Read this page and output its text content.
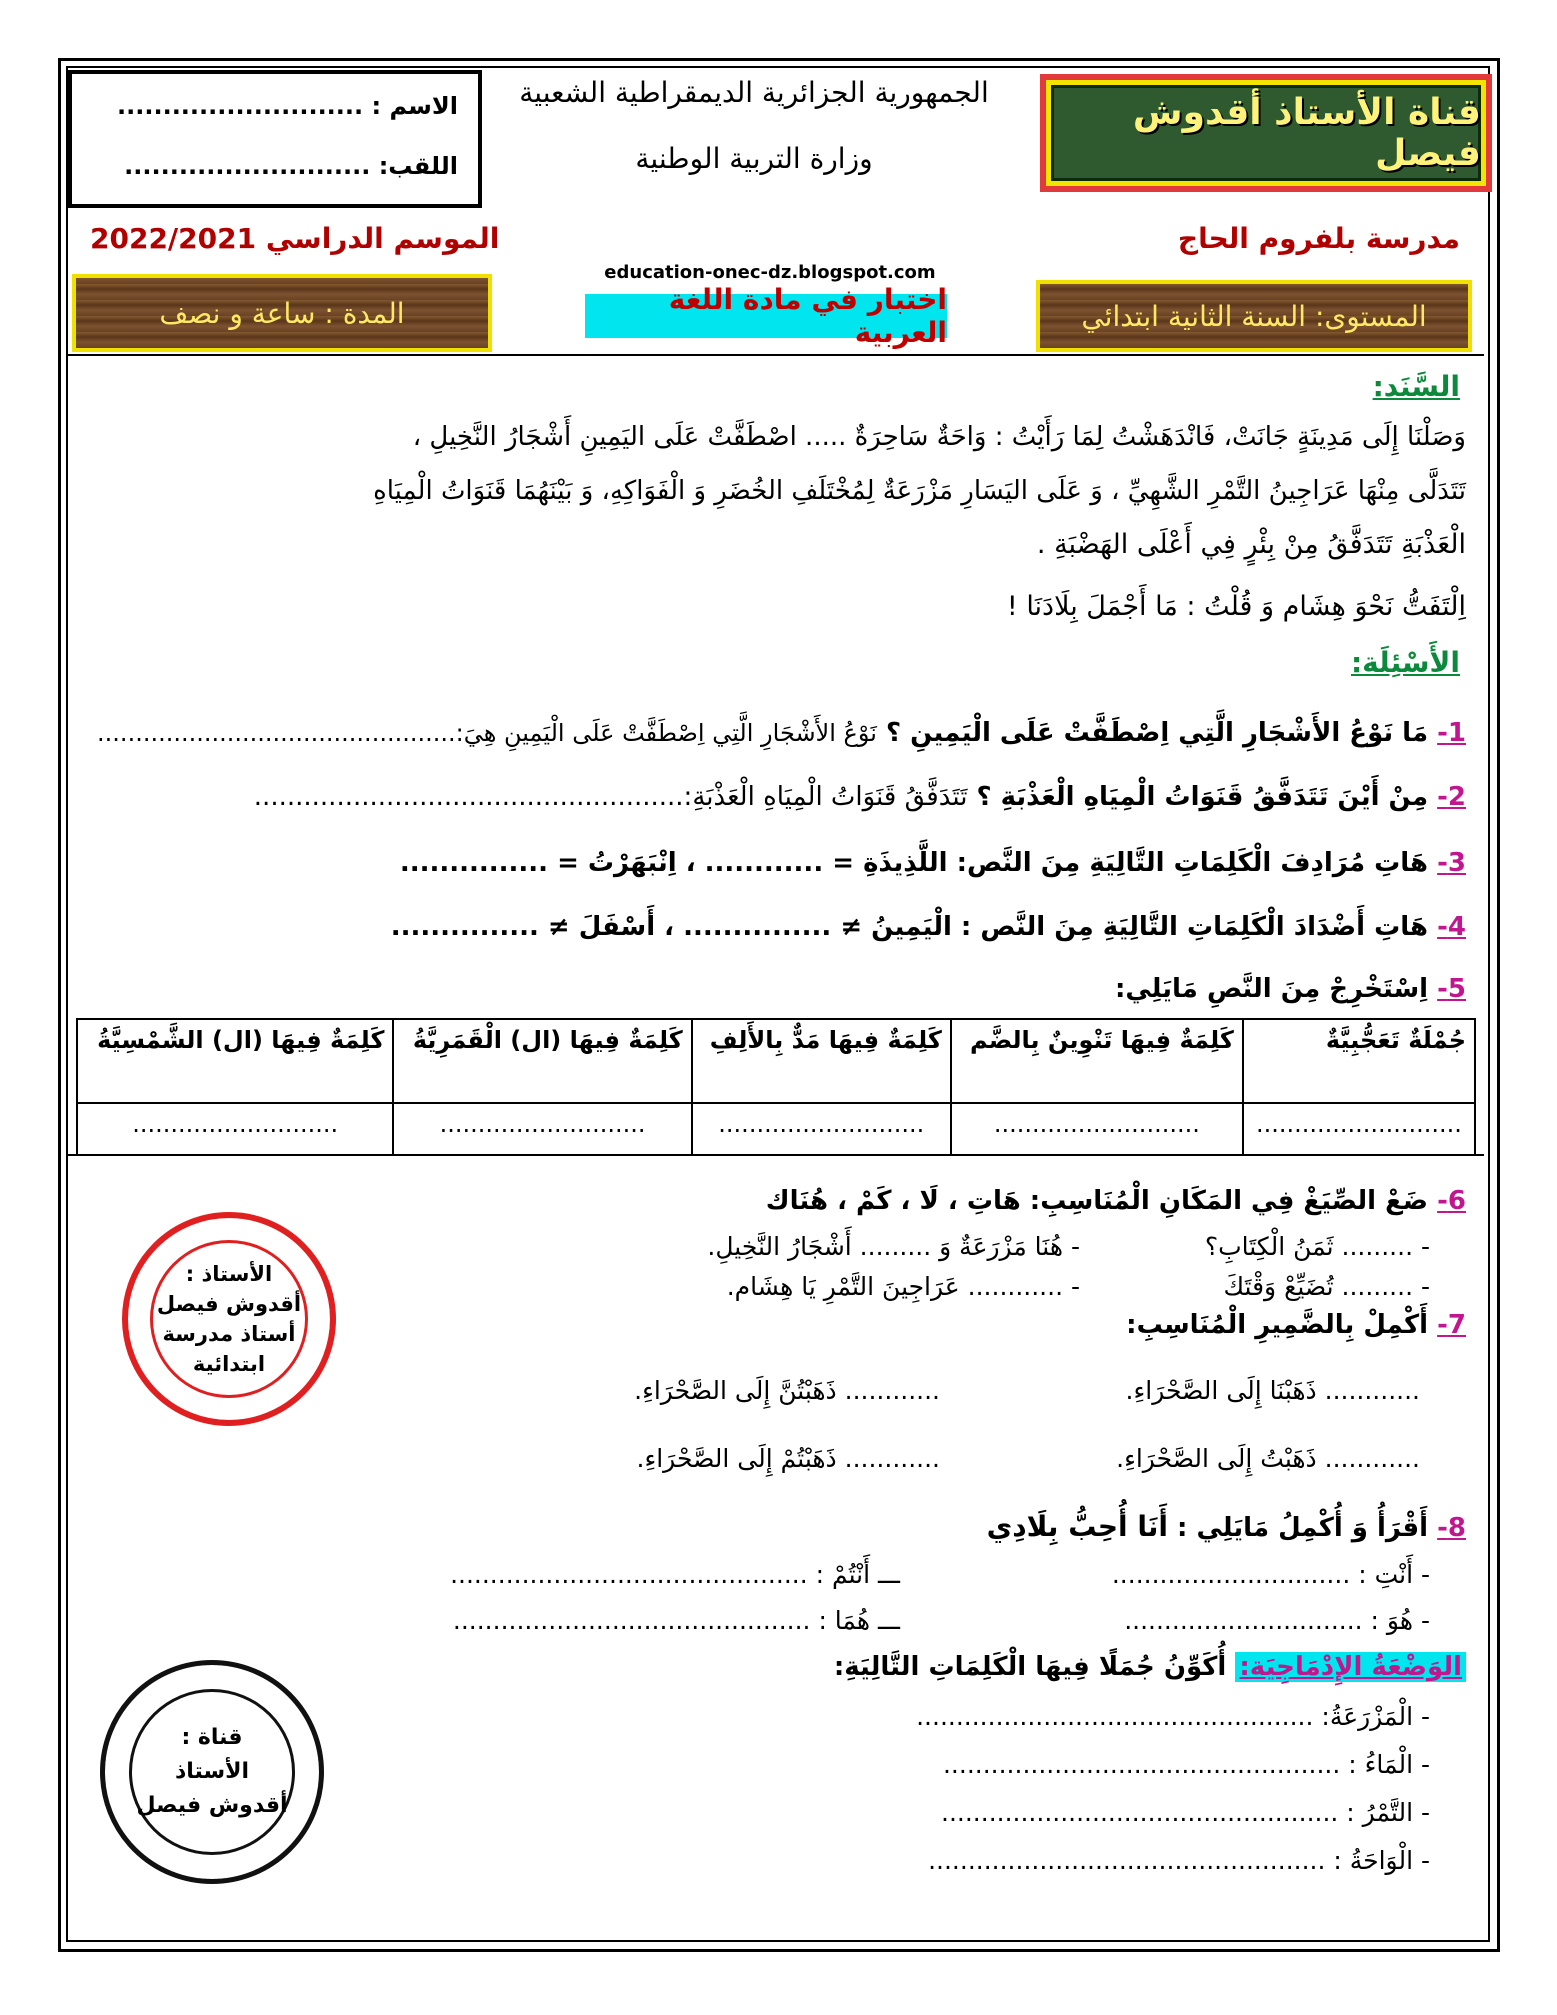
الاسم : ...........................
اللقب: ...........................
الجمهورية الجزائرية الديمقراطية الشعبية
وزارة التربية الوطنية
قناة الأستاذ أقدوش فيصل
مدرسة بلفروم الحاج
الموسم الدراسي 2022/2021
education-onec-dz.blogspot.com
المستوى: السنة الثانية ابتدائي
اختبار في مادة اللغة العربية
المدة : ساعة و نصف
السَّنَد:
وَصَلْنَا إِلَى مَدِينَةٍ جَانَتْ، فَانْدَهَشْتُ لِمَا رَأَيْتُ : وَاحَةٌ سَاحِرَةٌ ..... اصْطَفَّتْ عَلَى اليَمِينِ أَشْجَارُ النَّخِيلِ ،
تَتَدَلَّى مِنْهَا عَرَاجِينُ التَّمْرِ الشَّهِيِّ ، وَ عَلَى اليَسَارِ مَزْرَعَةٌ لِمُخْتَلَفِ الخُضَرِ وَ الْفَوَاكِهِ، وَ بَيْنَهُمَا قَنَوَاتُ الْمِيَاهِ
الْعَذْبَةِ تَتَدَفَّقُ مِنْ بِئْرٍ فِي أَعْلَى الهَضْبَةِ .
اِلْتَفَتُّ نَحْوَ هِشَام وَ قُلْتُ : مَا أَجْمَلَ بِلَادَنَا !
الأَسْئِلَة:
1- مَا نَوْعُ الأَشْجَارِ الَّتِي اِصْطَفَّتْ عَلَى الْيَمِينِ ؟ نَوْعُ الأَشْجَارِ الَّتِي اِصْطَفَّتْ عَلَى الْيَمِينِ هِيَ:...............................................
2- مِنْ أَيْنَ تَتَدَفَّقُ قَنَوَاتُ الْمِيَاهِ الْعَذْبَةِ ؟ تَتَدَفَّقُ قَنَوَاتُ الْمِيَاهِ الْعَذْبَةِ:....................................................
3- هَاتِ مُرَادِفَ الْكَلِمَاتِ التَّالِيَةِ مِنَ النَّص: اللَّذِيذَةِ = ............ ، اِنْبَهَرْتُ = ...............
4- هَاتِ أَضْدَادَ الْكَلِمَاتِ التَّالِيَةِ مِنَ النَّص : الْيَمِينُ ≠ ............... ، أَسْفَلَ ≠ ...............
5- اِسْتَخْرِجْ مِنَ النَّصِ مَايَلِي:
كَلِمَةٌ فِيهَا (ال) الشَّمْسِيَّةُ	كَلِمَةٌ فِيهَا (ال) الْقَمَرِيَّةُ	كَلِمَةٌ فِيهَا مَدٌّ بِالأَلِفِ	كَلِمَةٌ فِيهَا تَنْوِينٌ بِالضَّم	جُمْلَةٌ تَعَجُّبِيَّةٌ
...........................	...........................	...........................	...........................	...........................
6- ضَعْ الصِّيَغْ فِي المَكَانِ الْمُنَاسِبِ: هَاتِ ، لَا ، كَمْ ، هُنَاك
- ......... ثَمَنُ الْكِتَابِ؟
- هُنَا مَزْرَعَةٌ وَ ......... أَشْجَارُ النَّخِيلِ.
- ......... تُضَيِّعْ وَقْتَكَ
- ............ عَرَاجِينَ التَّمْرِ يَا هِشَام.
7- أَكْمِلْ بِالضَّمِيرِ الْمُنَاسِبِ:
............ ذَهَبْنَا إِلَى الصَّحْرَاءِ.
............ ذَهَبْتُنَّ إِلَى الصَّحْرَاءِ.
............ ذَهَبْتُ إِلَى الصَّحْرَاءِ.
............ ذَهَبْتُمْ إِلَى الصَّحْرَاءِ.
8- أَقْرَأُ وَ أُكْمِلُ مَايَلِي : أَنَا أُحِبُّ بِلَادِي
- أَنْتِ : ..............................
ـــ أَنْتُمْ : .............................................
- هُوَ : ..............................
ـــ هُمَا : .............................................
الوَضْعَةُ الإِدْمَاجِيَة: أُكَوِّنُ جُمَلًا فِيهَا الْكَلِمَاتِ التَّالِيَةِ:
- الْمَزْرَعَةُ: ..................................................
- الْمَاءُ : ..................................................
- التَّمْرُ : ..................................................
- الْوَاحَةُ : ..................................................
الأستاذ :
أقدوش فيصل
أستاذ مدرسة
ابتدائية
قناة :
الأستاذ
أقدوش فيصل
